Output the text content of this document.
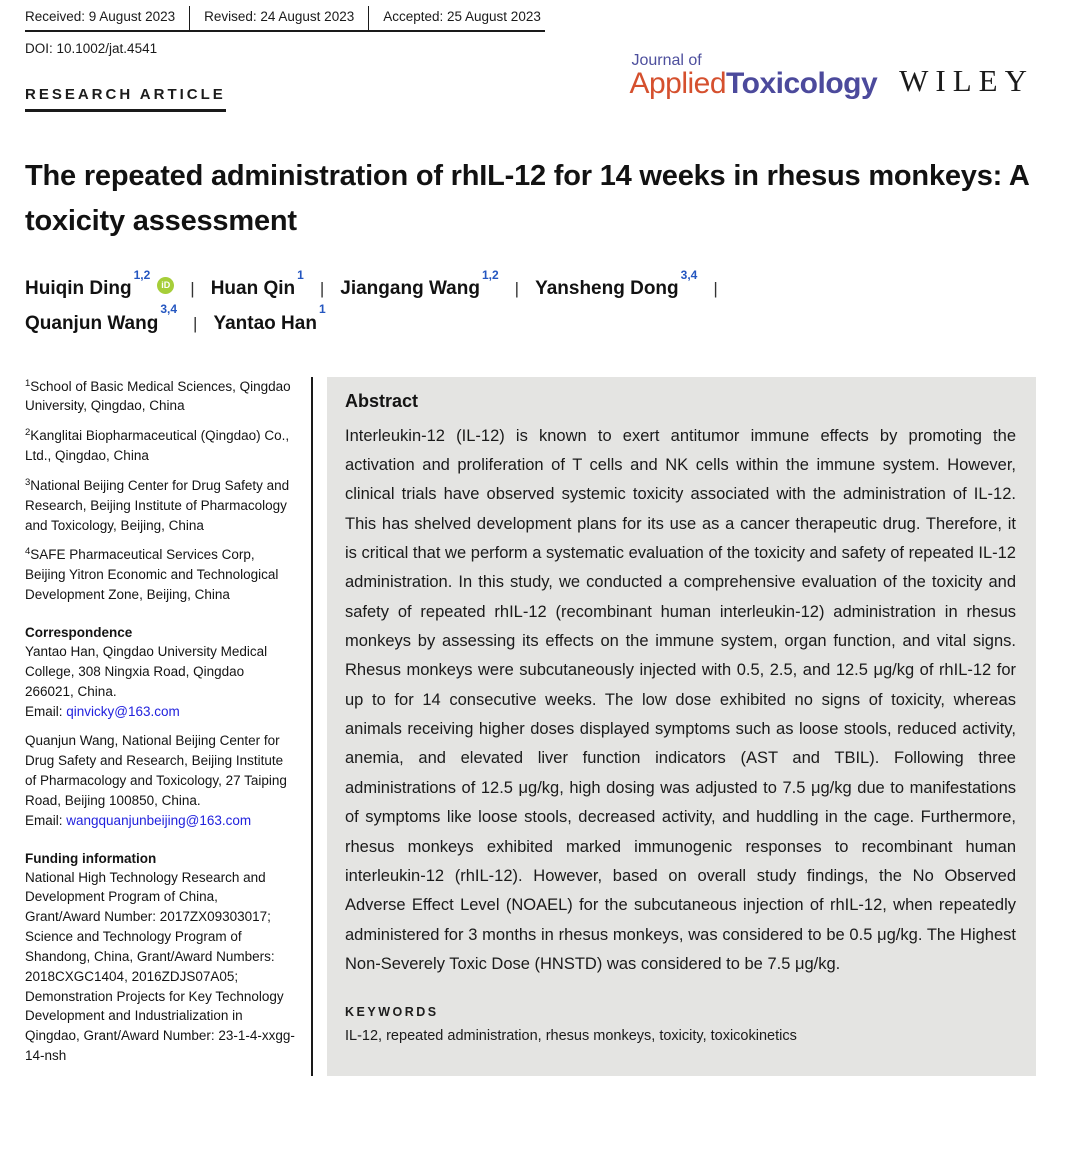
Received: 9 August 2023	Revised: 24 August 2023	Accepted: 25 August 2023
DOI: 10.1002/jat.4541
Journal of
AppliedToxicology WILEY
RESEARCH ARTICLE
The repeated administration of rhIL-12 for 14 weeks in rhesus monkeys: A toxicity assessment
Huiqin Ding$^{1,2}$iD | Huan Qin$^1$| Jiangang Wang$^{1,2}$| Yansheng Dong$^{3,4}$|
Quanjun Wang$^{3,4}$| Yantao Han$^1$

$^1$School of Basic Medical Sciences, Qingdao University, Qingdao, China

$^2$Kanglitai Biopharmaceutical (Qingdao) Co., Ltd., Qingdao, China

$^3$National Beijing Center for Drug Safety and Research, Beijing Institute of Pharmacology and Toxicology, Beijing, China

$^4$SAFE Pharmaceutical Services Corp, Beijing Yitron Economic and Technological Development Zone, Beijing, China

Correspondence

Yantao Han, Qingdao University Medical College, 308 Ningxia Road, Qingdao 266021, China.
Email: qinvicky@163.com

Quanjun Wang, National Beijing Center for Drug Safety and Research, Beijing Institute of Pharmacology and Toxicology, 27 Taiping Road, Beijing 100850, China.
Email: wangquanjunbeijing@163.com

Funding information

National High Technology Research and Development Program of China, Grant/Award Number: 2017ZX09303017; Science and Technology Program of Shandong, China, Grant/Award Numbers: 2018CXGC1404, 2016ZDJS07A05; Demonstration Projects for Key Technology Development and Industrialization in Qingdao, Grant/Award Number: 23-1-4-xxgg-14-nsh

Abstract

Interleukin-12 (IL-12) is known to exert antitumor immune effects by promoting the activation and proliferation of T cells and NK cells within the immune system. However, clinical trials have observed systemic toxicity associated with the administration of IL-12. This has shelved development plans for its use as a cancer therapeutic drug. Therefore, it is critical that we perform a systematic evaluation of the toxicity and safety of repeated IL-12 administration. In this study, we conducted a comprehensive evaluation of the toxicity and safety of repeated rhIL-12 (recombinant human interleukin-12) administration in rhesus monkeys by assessing its effects on the immune system, organ function, and vital signs. Rhesus monkeys were subcutaneously injected with 0.5, 2.5, and 12.5 μg/kg of rhIL-12 for up to for 14 consecutive weeks. The low dose exhibited no signs of toxicity, whereas animals receiving higher doses displayed symptoms such as loose stools, reduced activity, anemia, and elevated liver function indicators (AST and TBIL). Following three administrations of 12.5 μg/kg, high dosing was adjusted to 7.5 μg/kg due to manifestations of symptoms like loose stools, decreased activity, and huddling in the cage. Furthermore, rhesus monkeys exhibited marked immunogenic responses to recombinant human interleukin-12 (rhIL-12). However, based on overall study findings, the No Observed Adverse Effect Level (NOAEL) for the subcutaneous injection of rhIL-12, when repeatedly administered for 3 months in rhesus monkeys, was considered to be 0.5 μg/kg. The Highest Non-Severely Toxic Dose (HNSTD) was considered to be 7.5 μg/kg.

KEYWORDS
IL-12, repeated administration, rhesus monkeys, toxicity, toxicokinetics
